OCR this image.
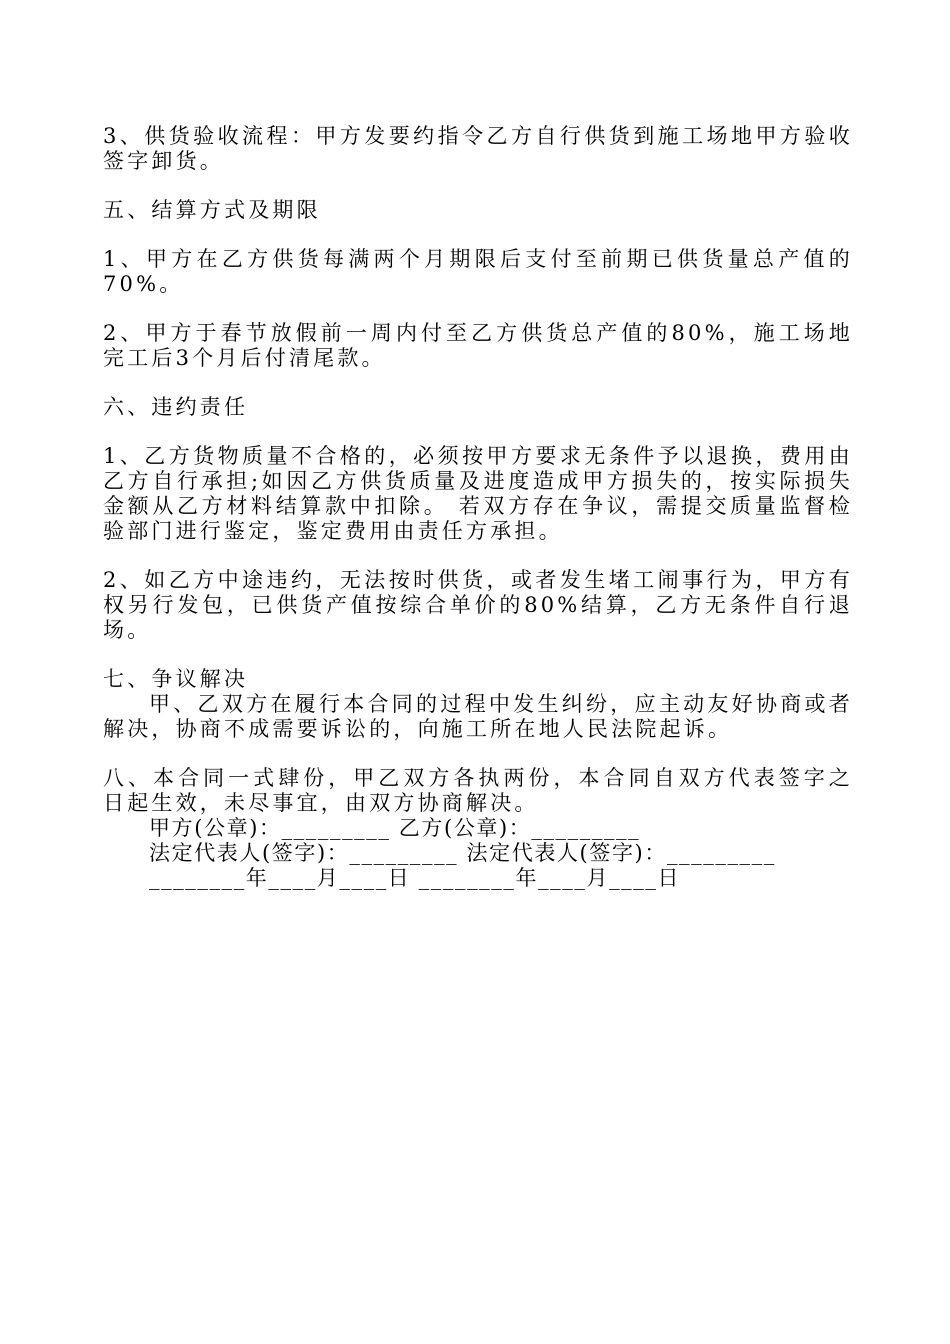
3、供货验收流程：甲方发要约指令乙方自行供货到施工场地甲方验收签字卸货。

五、结算方式及期限

1、甲方在乙方供货每满两个月期限后支付至前期已供货量总产值的70%。

2、甲方于春节放假前一周内付至乙方供货总产值的80%，施工场地完工后3个月后付清尾款。

六、违约责任

1、乙方货物质量不合格的，必须按甲方要求无条件予以退换，费用由乙方自行承担;如因乙方供货质量及进度造成甲方损失的，按实际损失金额从乙方材料结算款中扣除。 若双方存在争议，需提交质量监督检验部门进行鉴定，鉴定费用由责任方承担。

2、如乙方中途违约，无法按时供货，或者发生堵工闹事行为，甲方有权另行发包，已供货产值按综合单价的80%结算，乙方无条件自行退场。

七、争议解决

甲、乙双方在履行本合同的过程中发生纠纷，应主动友好协商或者解决，协商不成需要诉讼的，向施工所在地人民法院起诉。

八、本合同一式肆份，甲乙双方各执两份，本合同自双方代表签字之日起生效，未尽事宜，由双方协商解决。

甲方(公章)：_________ 乙方(公章)：_________

法定代表人(签字)：_________ 法定代表人(签字)：_________

________年____月____日 ________年____月____日
